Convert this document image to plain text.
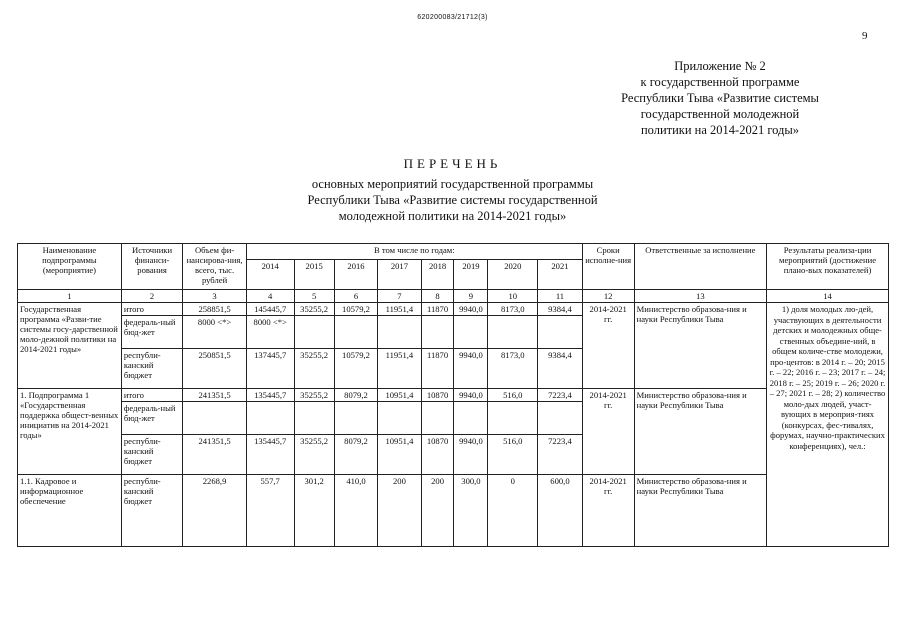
620200083/21712(3)
9
Приложение № 2
к государственной программе
Республики Тыва «Развитие системы
государственной молодежной
политики на 2014-2021 годы»
ПЕРЕЧЕНЬ
основных мероприятий государственной программы
Республики Тыва «Развитие системы государственной
молодежной политики на 2014-2021 годы»
Наименование подпрограммы (мероприятие)	Источники финанси-рования	Объем фи-нансирова-ния, всего, тыс. рублей	В том числе по годам:								Сроки исполне-ния	Ответственные за исполнение	Результаты реализа-ции мероприятий (достижение плано-вых показателей)
			2014	2015	2016	2017	2018	2019	2020	2021			
1	2	3	4	5	6	7	8	9	10	11	12	13	14
Государственная программа «Разви-тие системы госу-дарственной моло-дежной политики на 2014-2021 годы»	итого	258851,5	145445,7	35255,2	10579,2	11951,4	11870	9940,0	8173,0	9384,4	2014-2021 гг.	Министерство образова-ния и науки Республики Тыва	1) доля молодых лю-дей, участвующих в деятельности детских и молодежных обще-ственных объедине-ний, в общем количе-стве молодежи, про-центов: в 2014 г. – 20; 2015 г. – 22; 2016 г. – 23; 2017 г. – 24; 2018 г. – 25; 2019 г. – 26; 2020 г. – 27; 2021 г. – 28; 2) количество моло-дых людей, участ-вующих в мероприя-тиях (конкурсах, фес-тивалях, форумах, научно-практических конференциях), чел.:
	федераль-ный бюд-жет	8000 <*>	8000 <*>										
	республи-канский бюджет	250851,5	137445,7	35255,2	10579,2	11951,4	11870	9940,0	8173,0	9384,4			
1. Подпрограмма 1 «Государственная поддержка общест-венных инициатив на 2014-2021 годы»	итого	241351,5	135445,7	35255,2	8079,2	10951,4	10870	9940,0	516,0	7223,4	2014-2021 гг.	Министерство образова-ния и науки Республики Тыва	
	федераль-ный бюд-жет												
	республи-канский бюджет	241351,5	135445,7	35255,2	8079,2	10951,4	10870	9940,0	516,0	7223,4			
1.1. Кадровое и информационное обеспечение	республи-канский бюджет	2268,9	557,7	301,2	410,0	200	200	300,0	0	600,0	2014-2021 гг.	Министерство образова-ния и науки Республики Тыва	
